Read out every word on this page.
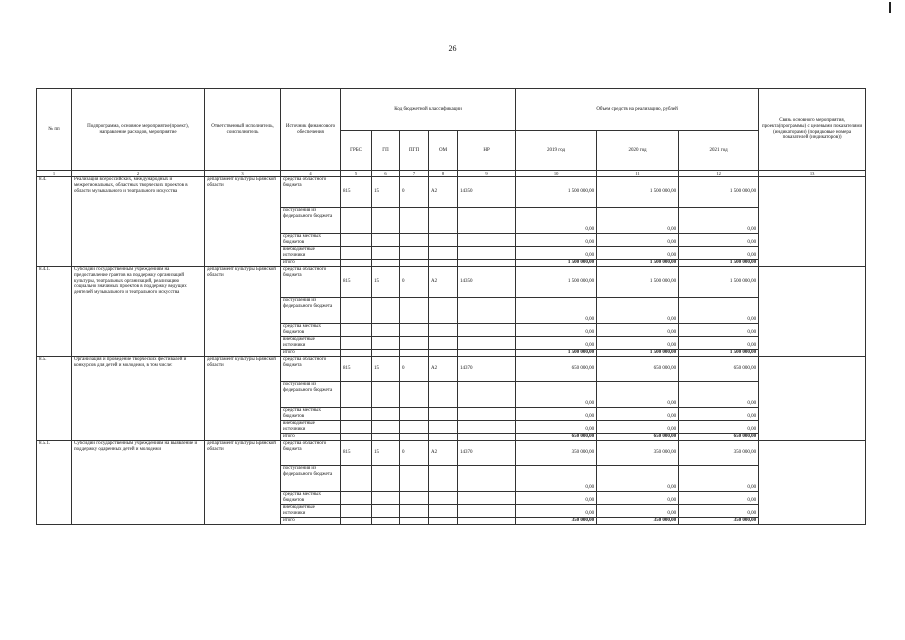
26
№ пп	Подпрограмма, основное мероприятие(проект), направление расходов, мероприятие	Ответственный исполнитель, соисполнитель	Источник финансового обеспечения	Код бюджетной классификации					Объем средств на реализацию, рублей			Связь основного мероприятия, проекта(программы) с целевыми показателями (индикаторами) (порядковые номера показателей (индикаторов))
				ГРБС	ГП	ПГП	ОМ	НР	2019 год	2020 год	2021 год	
1	2	3	4	5	6	7	8	9	10	11	12	13
8.4.	Реализация всероссийских, международных и межрегиональных, областных творческих проектов в области музыкального и театрального искусства	департамент культуры Брянской области	средства областного бюджета	815	15	0	А2	14350	1 500 000,00	1 500 000,00	1 500 000,00	
			поступления из федерального бюджета						0,00	0,00	0,00	
			средства местных бюджетов						0,00	0,00	0,00	
			внебюджетные источники						0,00	0,00	0,00	
			итого						1 500 000,00	1 500 000,00	1 500 000,00	
8.4.1.	Субсидии государственным учреждениям на предоставление грантов на поддержку организаций культуры, театральных организаций, реализацию социально значимых проектов в поддержку ведущих деятелей музыкального и театрального искусства	департамент культуры Брянской области	средства областного бюджета	815	15	0	А2	14350	1 500 000,00	1 500 000,00	1 500 000,00	
			поступления из федерального бюджета						0,00	0,00	0,00	
			средства местных бюджетов						0,00	0,00	0,00	
			внебюджетные источники						0,00	0,00	0,00	
			итого						1 500 000,00	1 500 000,00	1 500 000,00	
8.5.	Организация и проведение творческих фестивалей и конкурсов для детей и молодежи, в том числе:	департамент культуры Брянской области	средства областного бюджета	815	15	0	А2	14370	650 000,00	650 000,00	650 000,00	
			поступления из федерального бюджета						0,00	0,00	0,00	
			средства местных бюджетов						0,00	0,00	0,00	
			внебюджетные источники						0,00	0,00	0,00	
			итого						650 000,00	650 000,00	650 000,00	
8.5.1.	Субсидии государственным учреждениям на выявление и поддержку одаренных детей и молодежи	департамент культуры Брянской области	средства областного бюджета	815	15	0	А2	14370	350 000,00	350 000,00	350 000,00	
			поступления из федерального бюджета						0,00	0,00	0,00	
			средства местных бюджетов						0,00	0,00	0,00	
			внебюджетные источники						0,00	0,00	0,00	
			итого						350 000,00	350 000,00	350 000,00	
